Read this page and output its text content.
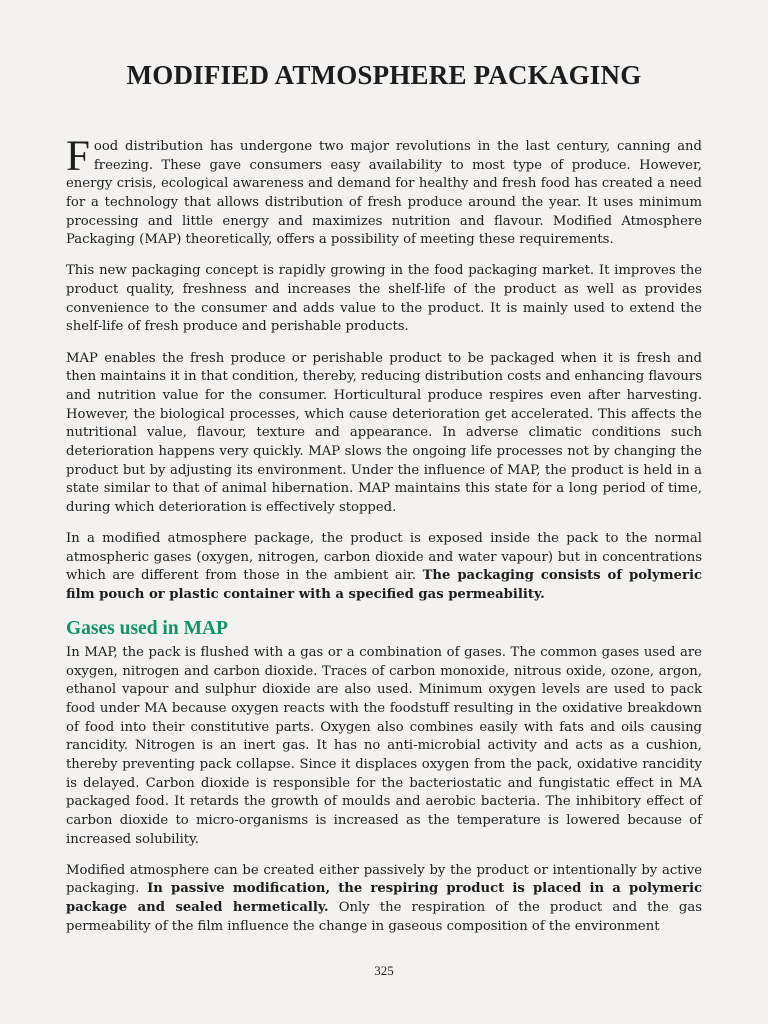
MODIFIED ATMOSPHERE PACKAGING

Food distribution has undergone two major revolutions in the last century, canning and freezing. These gave consumers easy availability to most type of produce. However, energy crisis, ecological awareness and demand for healthy and fresh food has created a need for a technology that allows distribution of fresh produce around the year. It uses minimum processing and little energy and maximizes nutrition and flavour. Modified Atmosphere Packaging (MAP) theoretically, offers a possibility of meeting these requirements.

This new packaging concept is rapidly growing in the food packaging market. It improves the product quality, freshness and increases the shelf-life of the product as well as provides convenience to the consumer and adds value to the product. It is mainly used to extend the shelf-life of fresh produce and perishable products.

MAP enables the fresh produce or perishable product to be packaged when it is fresh and then maintains it in that condition, thereby, reducing distribution costs and enhancing flavours and nutrition value for the consumer. Horticultural produce respires even after harvesting. However, the biological processes, which cause deterioration get accelerated. This affects the nutritional value, flavour, texture and appearance. In adverse climatic conditions such deterioration happens very quickly. MAP slows the ongoing life processes not by changing the product but by adjusting its environment. Under the influence of MAP, the product is held in a state similar to that of animal hibernation. MAP maintains this state for a long period of time, during which deterioration is effectively stopped.

In a modified atmosphere package, the product is exposed inside the pack to the normal atmospheric gases (oxygen, nitrogen, carbon dioxide and water vapour) but in concentrations which are different from those in the ambient air. The packaging consists of polymeric film pouch or plastic container with a specified gas permeability.

Gases used in MAP

In MAP, the pack is flushed with a gas or a combination of gases. The common gases used are oxygen, nitrogen and carbon dioxide. Traces of carbon monoxide, nitrous oxide, ozone, argon, ethanol vapour and sulphur dioxide are also used. Minimum oxygen levels are used to pack food under MA because oxygen reacts with the foodstuff resulting in the oxidative breakdown of food into their constitutive parts. Oxygen also combines easily with fats and oils causing rancidity. Nitrogen is an inert gas. It has no anti-microbial activity and acts as a cushion, thereby preventing pack collapse. Since it displaces oxygen from the pack, oxidative rancidity is delayed. Carbon dioxide is responsible for the bacteriostatic and fungistatic effect in MA packaged food. It retards the growth of moulds and aerobic bacteria. The inhibitory effect of carbon dioxide to micro-organisms is increased as the temperature is lowered because of increased solubility.

Modified atmosphere can be created either passively by the product or intentionally by active packaging. In passive modification, the respiring product is placed in a polymeric package and sealed hermetically. Only the respiration of the product and the gas permeability of the film influence the change in gaseous composition of the environment

325
